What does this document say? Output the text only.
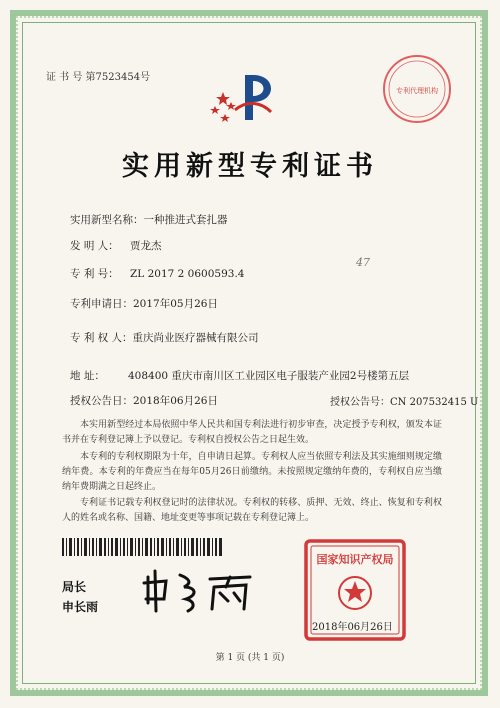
证 书 号 第7523454号
专利代理机构
实用新型专利证书
实用新型名称：一种推进式套扎器
发 明 人： 贾龙杰
47
专 利 号： ZL 2017 2 0600593.4
专利申请日：2017年05月26日
专 利 权 人：重庆尚业医疗器械有限公司
地 址： 408400 重庆市南川区工业园区电子服装产业园2号楼第五层
授权公告日：2018年06月26日	授权公告号：CN 207532415 U
本实用新型经过本局依照中华人民共和国专利法进行初步审查，决定授予专利权，颁发本证书并在专利登记簿上予以登记。专利权自授权公告之日起生效。
本专利的专利权期限为十年，自申请日起算。专利权人应当依照专利法及其实施细则规定缴纳年费。本专利的年费应当在每年05月26日前缴纳。未按照规定缴纳年费的，专利权自应当缴纳年费期满之日起终止。
专利证书记载专利权登记时的法律状况。专利权的转移、质押、无效、终止、恢复和专利权人的姓名或名称、国籍、地址变更等事项记载在专利登记簿上。
局长
申长雨
国家知识产权局
2018年06月26日
第 1 页 (共 1 页)
